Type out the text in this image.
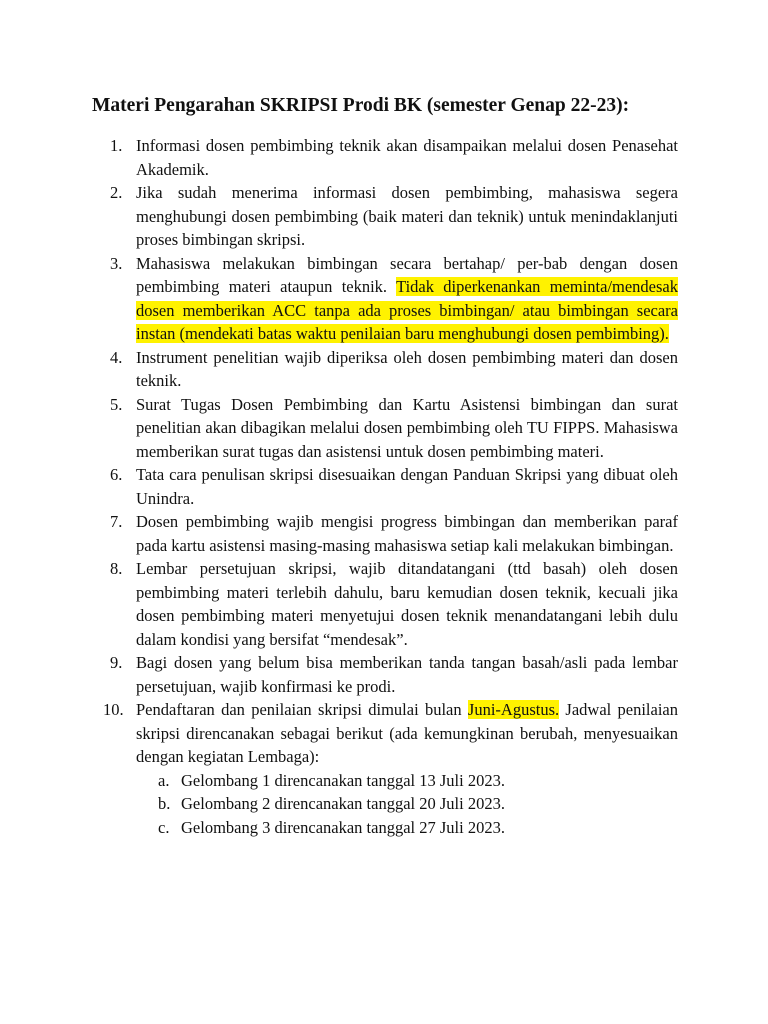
Materi Pengarahan SKRIPSI Prodi BK (semester Genap 22-23):
1. Informasi dosen pembimbing teknik akan disampaikan melalui dosen Penasehat Akademik.
2. Jika sudah menerima informasi dosen pembimbing, mahasiswa segera menghubungi dosen pembimbing (baik materi dan teknik) untuk menindaklanjuti proses bimbingan skripsi.
3. Mahasiswa melakukan bimbingan secara bertahap/ per-bab dengan dosen pembimbing materi ataupun teknik. Tidak diperkenankan meminta/mendesak dosen memberikan ACC tanpa ada proses bimbingan/ atau bimbingan secara instan (mendekati batas waktu penilaian baru menghubungi dosen pembimbing).
4. Instrument penelitian wajib diperiksa oleh dosen pembimbing materi dan dosen teknik.
5. Surat Tugas Dosen Pembimbing dan Kartu Asistensi bimbingan dan surat penelitian akan dibagikan melalui dosen pembimbing oleh TU FIPPS. Mahasiswa memberikan surat tugas dan asistensi untuk dosen pembimbing materi.
6. Tata cara penulisan skripsi disesuaikan dengan Panduan Skripsi yang dibuat oleh Unindra.
7. Dosen pembimbing wajib mengisi progress bimbingan dan memberikan paraf pada kartu asistensi masing-masing mahasiswa setiap kali melakukan bimbingan.
8. Lembar persetujuan skripsi, wajib ditandatangani (ttd basah) oleh dosen pembimbing materi terlebih dahulu, baru kemudian dosen teknik, kecuali jika dosen pembimbing materi menyetujui dosen teknik menandatangani lebih dulu dalam kondisi yang bersifat “mendesak”.
9. Bagi dosen yang belum bisa memberikan tanda tangan basah/asli pada lembar persetujuan, wajib konfirmasi ke prodi.
10. Pendaftaran dan penilaian skripsi dimulai bulan Juni-Agustus. Jadwal penilaian skripsi direncanakan sebagai berikut (ada kemungkinan berubah, menyesuaikan dengan kegiatan Lembaga):
a. Gelombang 1 direncanakan tanggal 13 Juli 2023.
b. Gelombang 2 direncanakan tanggal 20 Juli 2023.
c. Gelombang 3 direncanakan tanggal 27 Juli 2023.
